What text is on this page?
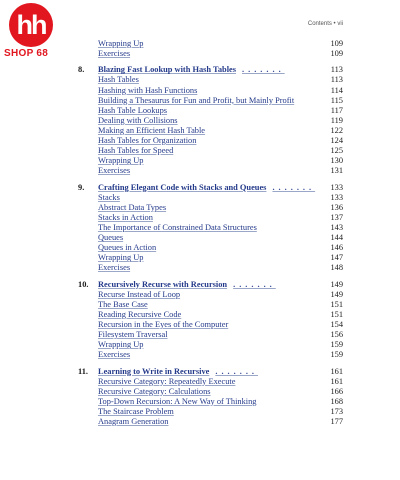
hh
SHOP 68
Contents • vii
Wrapping Up	109
Exercises	109
8.	Blazing Fast Lookup with Hash Tables .......	113
Hash Tables	113
Hashing with Hash Functions	114
Building a Thesaurus for Fun and Profit, but Mainly Profit	115
Hash Table Lookups	117
Dealing with Collisions	119
Making an Efficient Hash Table	122
Hash Tables for Organization	124
Hash Tables for Speed	125
Wrapping Up	130
Exercises	131
9.	Crafting Elegant Code with Stacks and Queues .......	133
Stacks	133
Abstract Data Types	136
Stacks in Action	137
The Importance of Constrained Data Structures	143
Queues	144
Queues in Action	146
Wrapping Up	147
Exercises	148
10.	Recursively Recurse with Recursion .......	149
Recurse Instead of Loop	149
The Base Case	151
Reading Recursive Code	151
Recursion in the Eyes of the Computer	154
Filesystem Traversal	156
Wrapping Up	159
Exercises	159
11.	Learning to Write in Recursive .......	161
Recursive Category: Repeatedly Execute	161
Recursive Category: Calculations	166
Top-Down Recursion: A New Way of Thinking	168
The Staircase Problem	173
Anagram Generation	177
